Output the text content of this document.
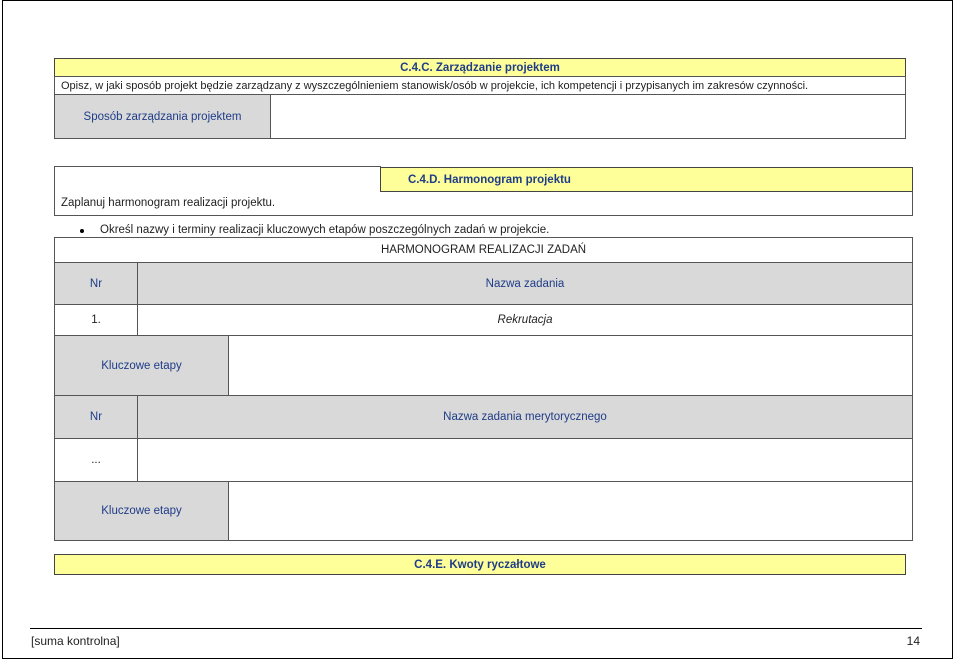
C.4.C. Zarządzanie projektem
Opisz, w jaki sposób projekt będzie zarządzany z wyszczególnieniem stanowisk/osób w projekcie, ich kompetencji i przypisanych im zakresów czynności.
Sposób zarządzania projektem
C.4.D. Harmonogram projektu
Zaplanuj harmonogram realizacji projektu.
Określ nazwy i terminy realizacji kluczowych etapów poszczególnych zadań w projekcie.
HARMONOGRAM REALIZACJI ZADAŃ
Nr	Nazwa zadania
1.	Rekrutacja
Kluczowe etapy
Nr	Nazwa zadania merytorycznego
...
Kluczowe etapy
C.4.E. Kwoty ryczałtowe
[suma kontrolna]	14
